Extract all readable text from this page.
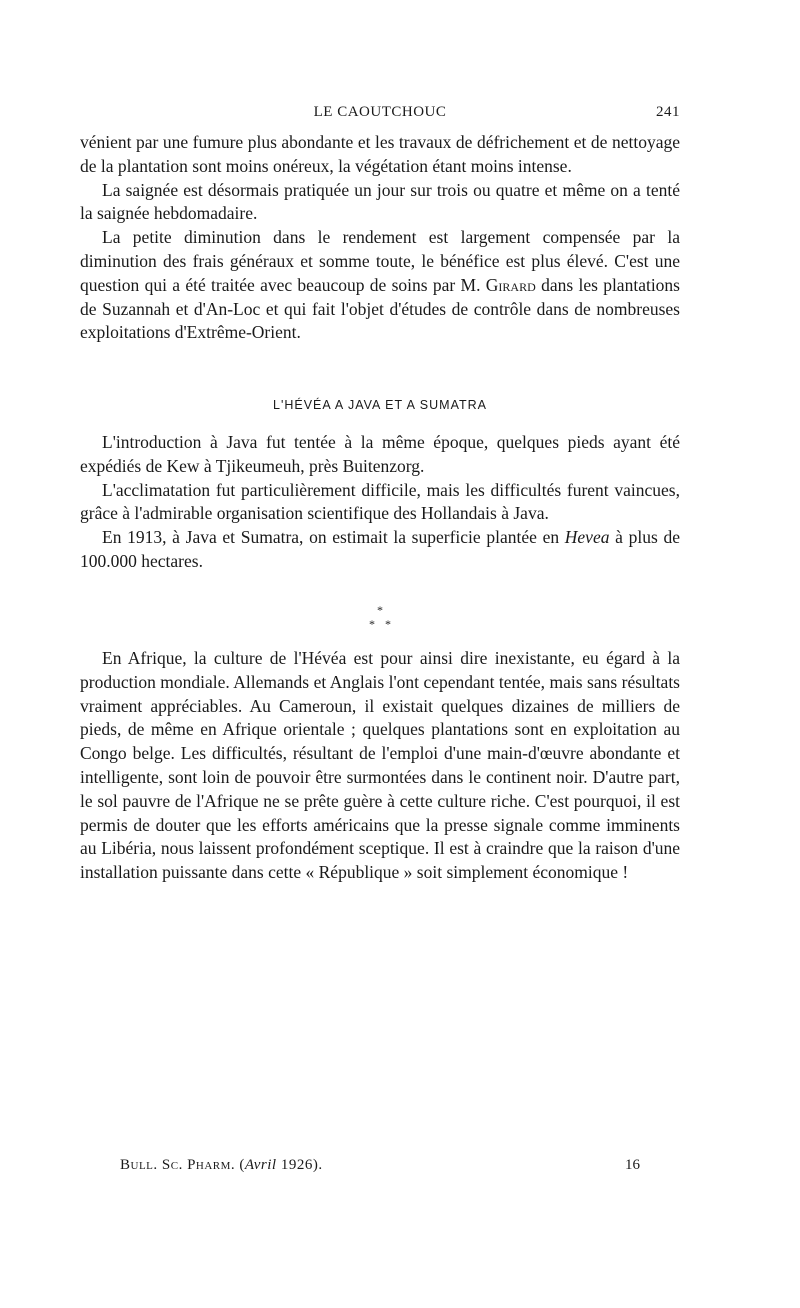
LE CAOUTCHOUC	241

vénient par une fumure plus abondante et les travaux de défrichement et de nettoyage de la plantation sont moins onéreux, la végétation étant moins intense.

La saignée est désormais pratiquée un jour sur trois ou quatre et même on a tenté la saignée hebdomadaire.

La petite diminution dans le rendement est largement compensée par la diminution des frais généraux et somme toute, le bénéfice est plus élevé. C'est une question qui a été traitée avec beaucoup de soins par M. Girard dans les plantations de Suzannah et d'An-Loc et qui fait l'objet d'études de contrôle dans de nombreuses exploitations d'Extrême-Orient.

L'HÉVÉA A JAVA ET A SUMATRA

L'introduction à Java fut tentée à la même époque, quelques pieds ayant été expédiés de Kew à Tjikeumeuh, près Buitenzorg.

L'acclimatation fut particulièrement difficile, mais les difficultés furent vaincues, grâce à l'admirable organisation scientifique des Hollandais à Java.

En 1913, à Java et Sumatra, on estimait la superficie plantée en Hevea à plus de 100.000 hectares.

*
* *

En Afrique, la culture de l'Hévéa est pour ainsi dire inexistante, eu égard à la production mondiale. Allemands et Anglais l'ont cependant tentée, mais sans résultats vraiment appréciables. Au Cameroun, il existait quelques dizaines de milliers de pieds, de même en Afrique orientale ; quelques plantations sont en exploitation au Congo belge. Les difficultés, résultant de l'emploi d'une main-d'œuvre abondante et intelligente, sont loin de pouvoir être surmontées dans le continent noir. D'autre part, le sol pauvre de l'Afrique ne se prête guère à cette culture riche. C'est pourquoi, il est permis de douter que les efforts américains que la presse signale comme imminents au Libéria, nous laissent profondément sceptique. Il est à craindre que la raison d'une installation puissante dans cette « République » soit simplement économique !

Bull. Sc. Pharm. (Avril 1926).	16
